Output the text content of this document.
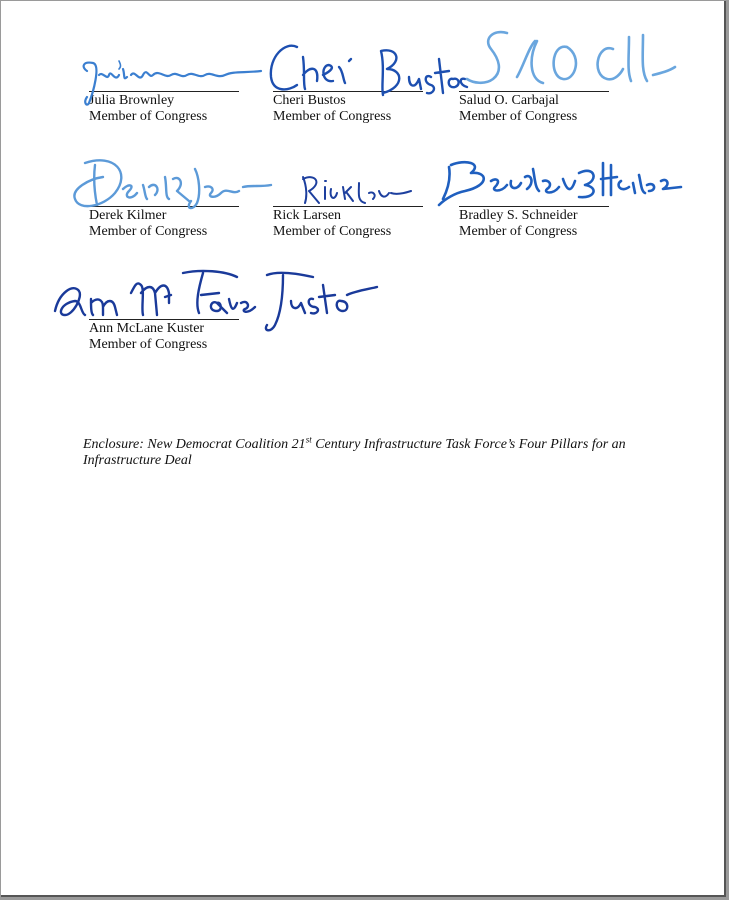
Julia Brownley
Member of Congress
Cheri Bustos
Member of Congress
Salud O. Carbajal
Member of Congress
Derek Kilmer
Member of Congress
Rick Larsen
Member of Congress
Bradley S. Schneider
Member of Congress
Ann McLane Kuster
Member of Congress
Enclosure: New Democrat Coalition 21st Century Infrastructure Task Force’s Four Pillars for an Infrastructure Deal
